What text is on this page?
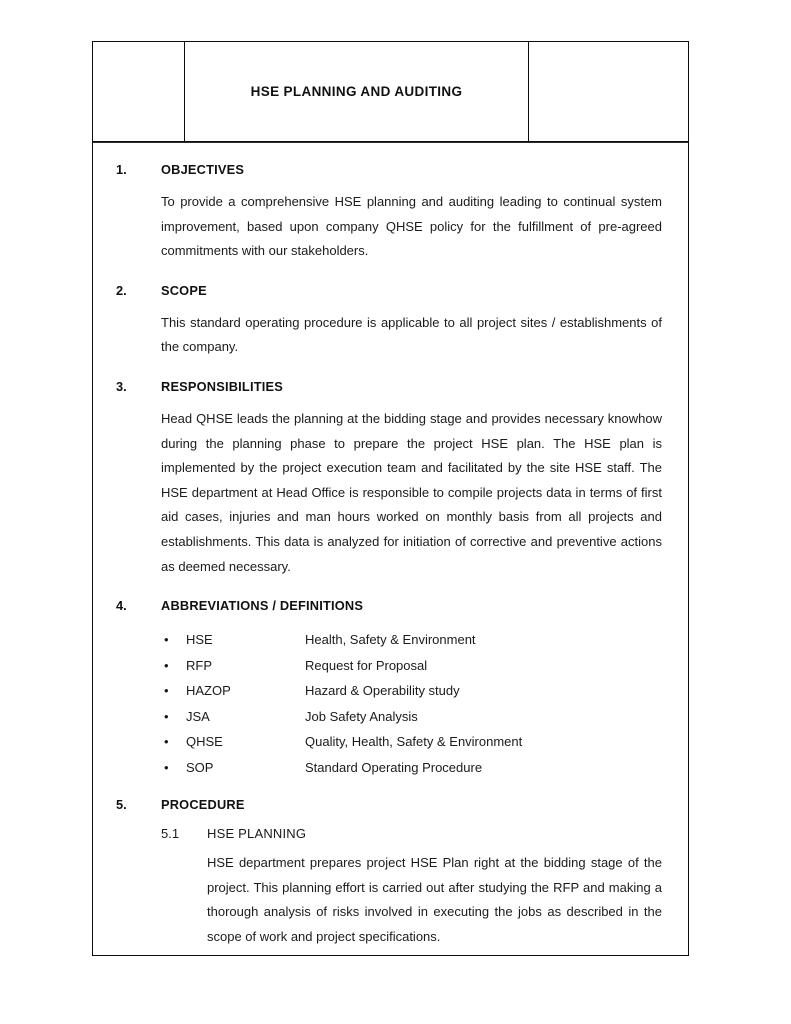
HSE PLANNING AND AUDITING
1.	OBJECTIVES

To provide a comprehensive HSE planning and auditing leading to continual system improvement, based upon company QHSE policy for the fulfillment of pre-agreed commitments with our stakeholders.

2.	SCOPE

This standard operating procedure is applicable to all project sites / establishments of the company.

3.	RESPONSIBILITIES

Head QHSE leads the planning at the bidding stage and provides necessary knowhow during the planning phase to prepare the project HSE plan. The HSE plan is implemented by the project execution team and facilitated by the site HSE staff. The HSE department at Head Office is responsible to compile projects data in terms of first aid cases, injuries and man hours worked on monthly basis from all projects and establishments. This data is analyzed for initiation of corrective and preventive actions as deemed necessary.

4.	ABBREVIATIONS / DEFINITIONS
• HSE	Health, Safety & Environment
• RFP	Request for Proposal
• HAZOP	Hazard & Operability study
• JSA	Job Safety Analysis
• QHSE	Quality, Health, Safety & Environment
• SOP	Standard Operating Procedure
5.	PROCEDURE
5.1 HSE PLANNING

HSE department prepares project HSE Plan right at the bidding stage of the project. This planning effort is carried out after studying the RFP and making a thorough analysis of risks involved in executing the jobs as described in the scope of work and project specifications.
